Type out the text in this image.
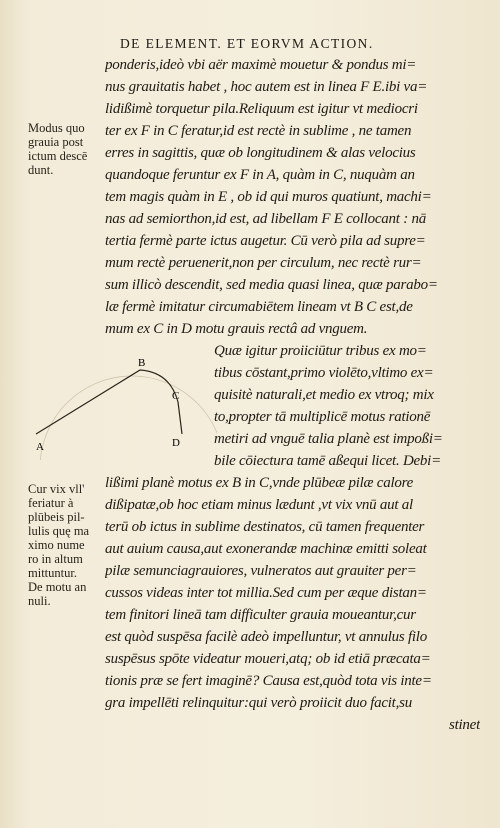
DE ELEMENT. ET EORVM ACTION.
ponderis,ideò vbi aër maximè mouetur & pondus mi=
nus grauitatis habet , hoc autem est in linea F E.ibi va=
lidißimè torquetur pila.Reliquum est igitur vt mediocri
ter ex F in C feratur,id est rectè in sublime , ne tamen
erres in sagittis, quæ ob longitudinem & alas velocius
quandoque feruntur ex F in A, quàm in C, nuquàm an
tem magis quàm in E , ob id qui muros quatiunt, machi=
nas ad semiorthon,id est, ad libellam F E collocant : nā
tertia fermè parte ictus augetur. Cū verò pila ad supre=
mum rectè peruenerit,non per circulum, nec rectè rur=
sum illicò descendit, sed media quasi linea, quæ parabo=
læ fermè imitatur circumabiētem lineam vt B C est,de
mum ex C in D motu grauis rectâ ad vnguem.
Modus quo
grauia post
ictum descē
dunt.
A
B
C
D
Quæ igitur proiiciūtur tribus ex mo=
tibus cōstant,primo violēto,vltimo ex=
quisitè naturali,et medio ex vtroq; mix
to,propter tā multiplicē motus rationē
metiri ad vnguē talia planè est impoßi=
bile cōiectura tamē aßequi licet. Debi=
Cur vix vll'
feriatur à
plūbeis pil-
lulis quę ma
ximo nume
ro in altum
mittuntur.
De motu an
nuli.
lißimi planè motus ex B in C,vnde plūbeæ pilæ calore
dißipatæ,ob hoc etiam minus lædunt ,vt vix vnū aut al
terū ob ictus in sublime destinatos, cū tamen frequenter
aut auium causa,aut exonerandæ machinæ emitti soleat
pilæ semunciagrauiores, vulneratos aut grauiter per=
cussos videas inter tot millia.Sed cum per æque distan=
tem finitori lineā tam difficulter grauia moueantur,cur
est quòd suspēsa facilè adeò impelluntur, vt annulus filo
suspēsus spōte videatur moueri,atq; ob id etiā præcata=
tionis præ se fert imaginē? Causa est,quòd tota vis inte=
gra impellēti relinquitur:qui verò proiicit duo facit,su
stinet
